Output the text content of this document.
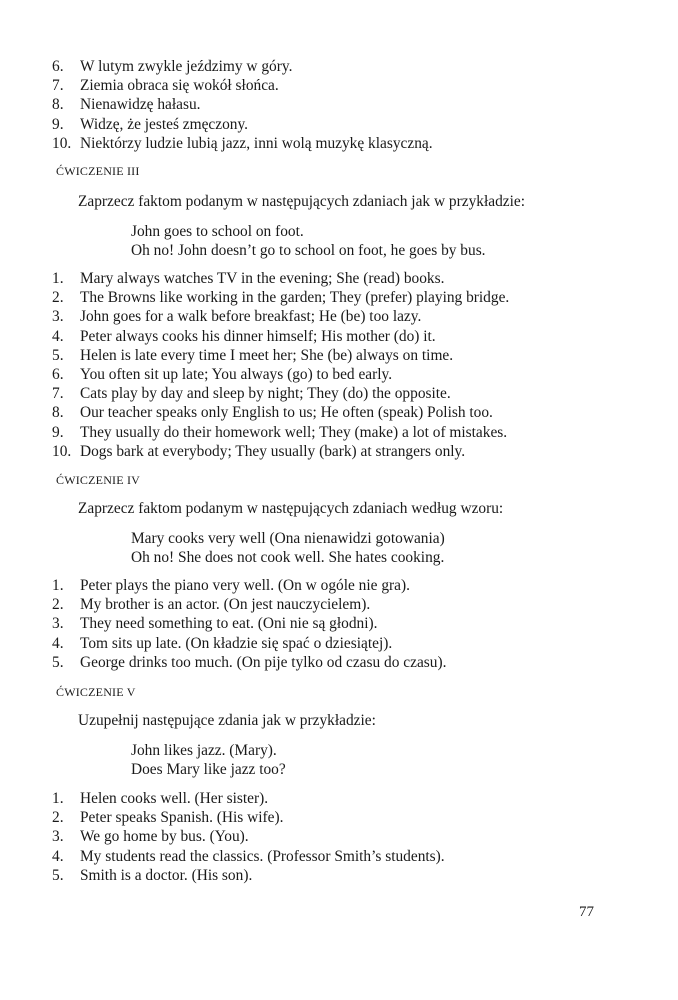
6. W lutym zwykle jeździmy w góry.
7. Ziemia obraca się wokół słońca.
8. Nienawidzę hałasu.
9. Widzę, że jesteś zmęczony.
10. Niektórzy ludzie lubią jazz, inni wolą muzykę klasyczną.
ĆWICZENIE III
Zaprzecz faktom podanym w następujących zdaniach jak w przykładzie:
John goes to school on foot.
Oh no! John doesn’t go to school on foot, he goes by bus.
1. Mary always watches TV in the evening; She (read) books.
2. The Browns like working in the garden; They (prefer) playing bridge.
3. John goes for a walk before breakfast; He (be) too lazy.
4. Peter always cooks his dinner himself; His mother (do) it.
5. Helen is late every time I meet her; She (be) always on time.
6. You often sit up late; You always (go) to bed early.
7. Cats play by day and sleep by night; They (do) the opposite.
8. Our teacher speaks only English to us; He often (speak) Polish too.
9. They usually do their homework well; They (make) a lot of mistakes.
10. Dogs bark at everybody; They usually (bark) at strangers only.
ĆWICZENIE IV
Zaprzecz faktom podanym w następujących zdaniach według wzoru:
Mary cooks very well (Ona nienawidzi gotowania)
Oh no! She does not cook well. She hates cooking.
1. Peter plays the piano very well. (On w ogóle nie gra).
2. My brother is an actor. (On jest nauczycielem).
3. They need something to eat. (Oni nie są głodni).
4. Tom sits up late. (On kładzie się spać o dziesiątej).
5. George drinks too much. (On pije tylko od czasu do czasu).
ĆWICZENIE V
Uzupełnij następujące zdania jak w przykładzie:
John likes jazz. (Mary).
Does Mary like jazz too?
1. Helen cooks well. (Her sister).
2. Peter speaks Spanish. (His wife).
3. We go home by bus. (You).
4. My students read the classics. (Professor Smith’s students).
5. Smith is a doctor. (His son).
77
